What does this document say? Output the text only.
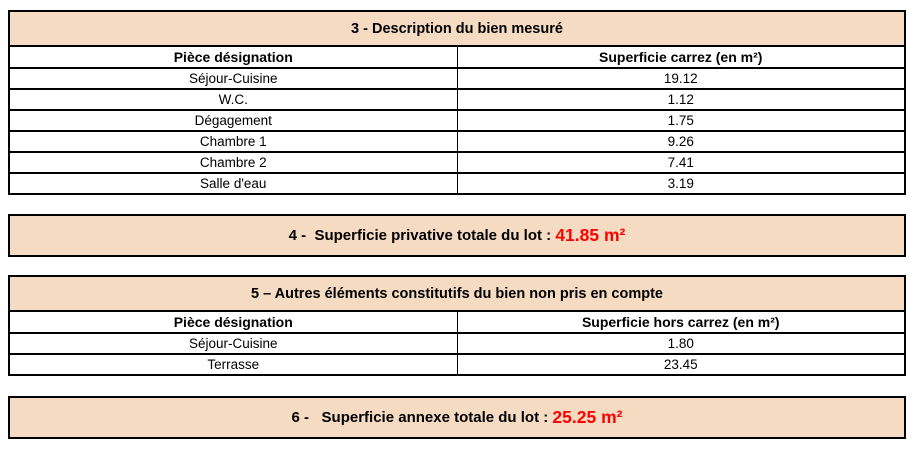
3 - Description du bien mesuré	
Pièce désignation	Superficie carrez (en m²)
Séjour-Cuisine	19.12
W.C.	1.12
Dégagement	1.75
Chambre 1	9.26
Chambre 2	7.41
Salle d'eau	3.19
4 -  Superficie privative totale du lot : 41.85 m²
5 – Autres éléments constitutifs du bien non pris en compte	
Pièce désignation	Superficie hors carrez (en m²)
Séjour-Cuisine	1.80
Terrasse	23.45
6 -   Superficie annexe totale du lot : 25.25 m²
